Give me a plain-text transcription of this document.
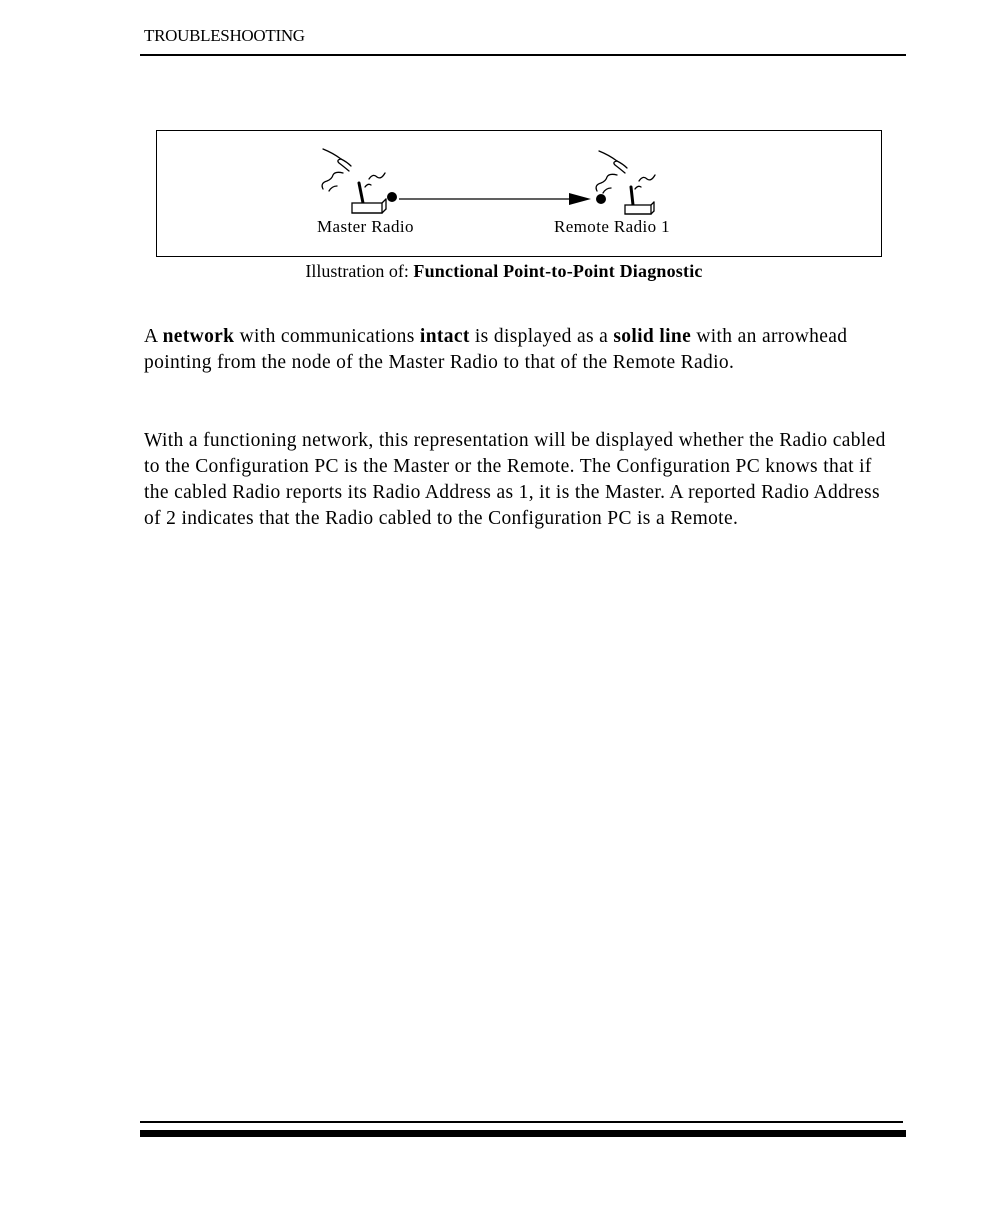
TROUBLESHOOTING
Master Radio	Remote Radio 1
Illustration of: Functional Point-to-Point Diagnostic

A network with communications intact is displayed as a solid line with an arrowhead pointing from the node of the Master Radio to that of the Remote Radio.

With a functioning network, this representation will be displayed whether the Radio cabled to the Configuration PC is the Master or the Remote. The Configuration PC knows that if the cabled Radio reports its Radio Address as 1, it is the Master. A reported Radio Address of 2 indicates that the Radio cabled to the Configuration PC is a Remote.
